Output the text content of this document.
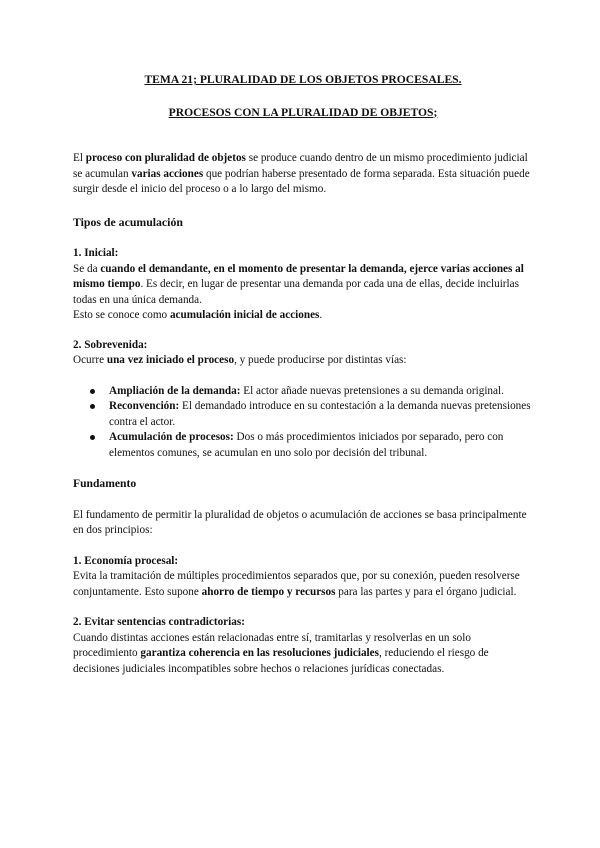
TEMA 21; PLURALIDAD DE LOS OBJETOS PROCESALES.

PROCESOS CON LA PLURALIDAD DE OBJETOS;

El proceso con pluralidad de objetos se produce cuando dentro de un mismo procedimiento judicial se acumulan varias acciones que podrían haberse presentado de forma separada. Esta situación puede surgir desde el inicio del proceso o a lo largo del mismo.

Tipos de acumulación

1. Inicial:

Se da cuando el demandante, en el momento de presentar la demanda, ejerce varias acciones al mismo tiempo. Es decir, en lugar de presentar una demanda por cada una de ellas, decide incluirlas todas en una única demanda.

Esto se conoce como acumulación inicial de acciones.

2. Sobrevenida:

Ocurre una vez iniciado el proceso, y puede producirse por distintas vías:

Ampliación de la demanda: El actor añade nuevas pretensiones a su demanda original.
Reconvención: El demandado introduce en su contestación a la demanda nuevas pretensiones contra el actor.
Acumulación de procesos: Dos o más procedimientos iniciados por separado, pero con elementos comunes, se acumulan en uno solo por decisión del tribunal.

Fundamento

El fundamento de permitir la pluralidad de objetos o acumulación de acciones se basa principalmente en dos principios:

1. Economía procesal:

Evita la tramitación de múltiples procedimientos separados que, por su conexión, pueden resolverse conjuntamente. Esto supone ahorro de tiempo y recursos para las partes y para el órgano judicial.

2. Evitar sentencias contradictorias:

Cuando distintas acciones están relacionadas entre sí, tramitarlas y resolverlas en un solo procedimiento garantiza coherencia en las resoluciones judiciales, reduciendo el riesgo de decisiones judiciales incompatibles sobre hechos o relaciones jurídicas conectadas.
